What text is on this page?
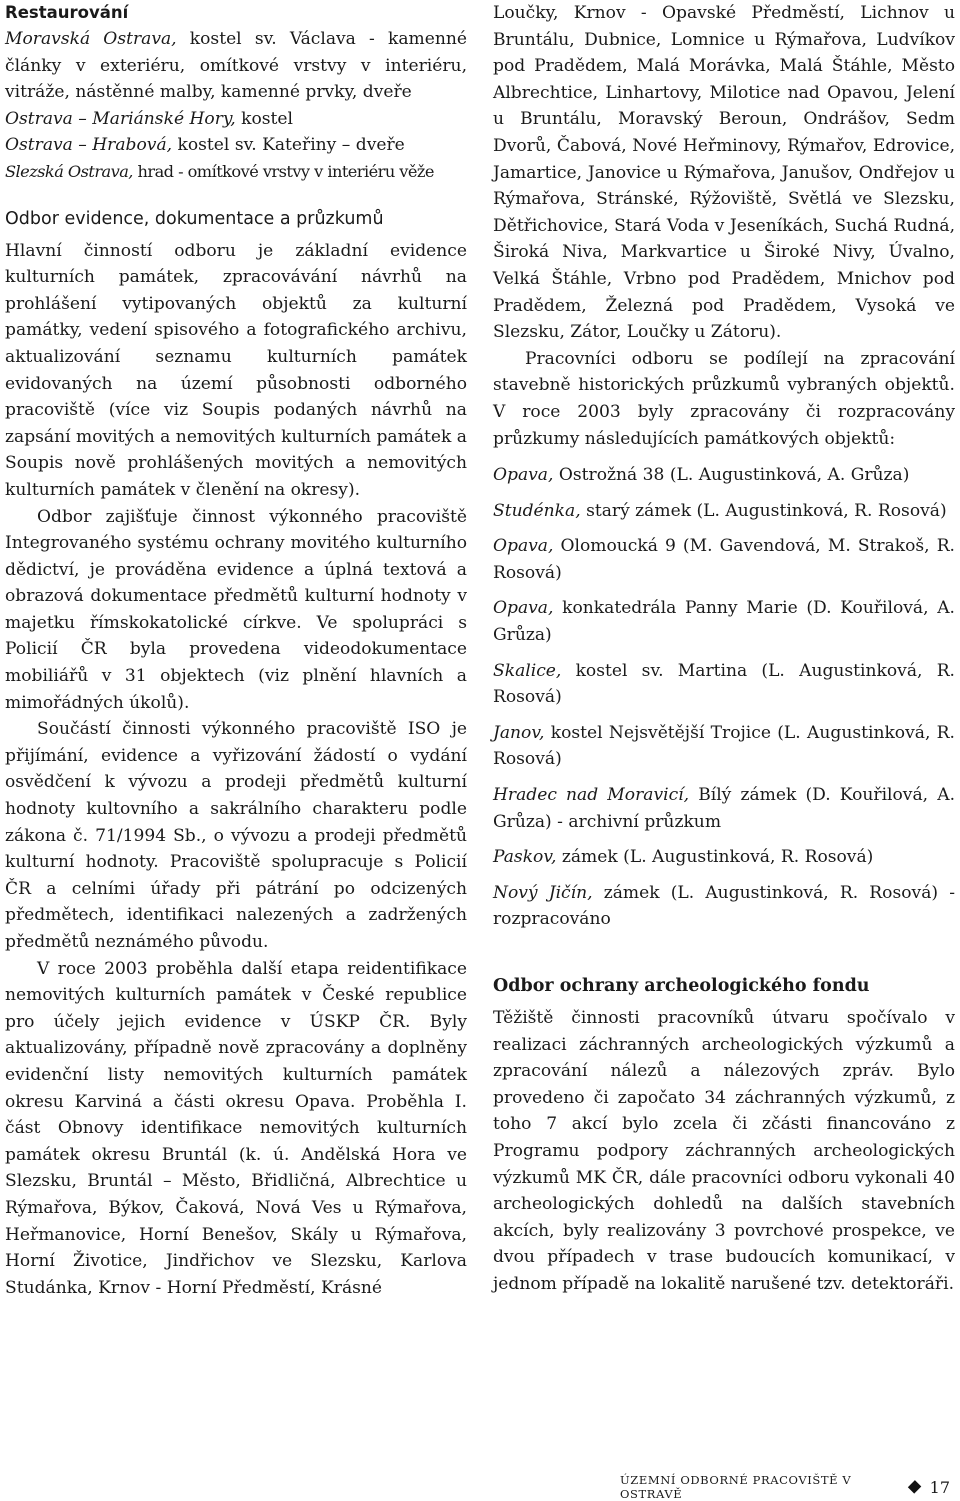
Restaurování

Moravská Ostrava, kostel sv. Václava - kamenné články v exteriéru, omítkové vrstvy v interiéru, vitráže, nástěnné malby, kamenné prvky, dveře

Ostrava – Mariánské Hory, kostel

Ostrava – Hrabová, kostel sv. Kateřiny – dveře

Slezská Ostrava, hrad - omítkové vrstvy v interiéru věže

Odbor evidence, dokumentace a průzkumů

Hlavní činností odboru je základní evidence kulturních památek, zpracovávání návrhů na prohlášení vytipovaných objektů za kulturní památky, vedení spisového a fotografického archivu, aktualizování seznamu kulturních památek evidovaných na území působnosti odborného pracoviště (více viz Soupis podaných návrhů na zapsání movitých a nemovitých kulturních památek a Soupis nově prohlášených movitých a nemovitých kulturních památek v členění na okresy).

Odbor zajišťuje činnost výkonného pracoviště Integrovaného systému ochrany movitého kulturního dědictví, je prováděna evidence a úplná textová a obrazová dokumentace předmětů kulturní hodnoty v majetku římskokatolické církve. Ve spolupráci s Policií ČR byla provedena videodokumentace mobiliářů v 31 objektech (viz plnění hlavních a mimořádných úkolů).

Součástí činnosti výkonného pracoviště ISO je přijímání, evidence a vyřizování žádostí o vydání osvědčení k vývozu a prodeji předmětů kulturní hodnoty kultovního a sakrálního charakteru podle zákona č. 71/1994 Sb., o vývozu a prodeji předmětů kulturní hodnoty. Pracoviště spolupracuje s Policií ČR a celními úřady při pátrání po odcizených předmětech, identifikaci nalezených a zadržených předmětů neznámého původu.

V roce 2003 proběhla další etapa reidentifikace nemovitých kulturních památek v České republice pro účely jejich evidence v ÚSKP ČR. Byly aktualizovány, případně nově zpracovány a doplněny evidenční listy nemovitých kulturních památek okresu Karviná a části okresu Opava. Proběhla I. část Obnovy identifikace nemovitých kulturních památek okresu Bruntál (k. ú. Andělská Hora ve Slezsku, Bruntál – Město, Břidličná, Albrechtice u Rýmařova, Býkov, Čaková, Nová Ves u Rýmařova, Heřmanovice, Horní Benešov, Skály u Rýmařova, Horní Životice, Jindřichov ve Slezsku, Karlova Studánka, Krnov - Horní Předměstí, Krásné

Loučky, Krnov - Opavské Předměstí, Lichnov u Bruntálu, Dubnice, Lomnice u Rýmařova, Ludvíkov pod Pradědem, Malá Morávka, Malá Štáhle, Město Albrechtice, Linhartovy, Milotice nad Opavou, Jelení u Bruntálu, Moravský Beroun, Ondrášov, Sedm Dvorů, Čabová, Nové Heřminovy, Rýmařov, Edrovice, Jamartice, Janovice u Rýmařova, Janušov, Ondřejov u Rýmařova, Stránské, Rýžoviště, Světlá ve Slezsku, Dětřichovice, Stará Voda v Jeseníkách, Suchá Rudná, Široká Niva, Markvartice u Široké Nivy, Úvalno, Velká Štáhle, Vrbno pod Pradědem, Mnichov pod Pradědem, Železná pod Pradědem, Vysoká ve Slezsku, Zátor, Loučky u Zátoru).

Pracovníci odboru se podílejí na zpracování stavebně historických průzkumů vybraných objektů. V roce 2003 byly zpracovány či rozpracovány průzkumy následujících památkových objektů:

Opava, Ostrožná 38 (L. Augustinková, A. Grůza)

Studénka, starý zámek (L. Augustinková, R. Rosová)

Opava, Olomoucká 9 (M. Gavendová, M. Strakoš, R. Rosová)

Opava, konkatedrála Panny Marie (D. Kouřilová, A. Grůza)

Skalice, kostel sv. Martina (L. Augustinková, R. Rosová)

Janov, kostel Nejsvětější Trojice (L. Augustinková, R. Rosová)

Hradec nad Moravicí, Bílý zámek (D. Kouřilová, A. Grůza) - archivní průzkum

Paskov, zámek (L. Augustinková, R. Rosová)

Nový Jičín, zámek (L. Augustinková, R. Rosová) - rozpracováno

Odbor ochrany archeologického fondu

Těžiště činnosti pracovníků útvaru spočívalo v realizaci záchranných archeologických výzkumů a zpracování nálezů a nálezových zpráv. Bylo provedeno či započato 34 záchranných výzkumů, z toho 7 akcí bylo zcela či zčásti financováno z Programu podpory záchranných archeologických výzkumů MK ČR, dále pracovníci odboru vykonali 40 archeologických dohledů na dalších stavebních akcích, byly realizovány 3 povrchové prospekce, ve dvou případech v trase budoucích komunikací, v jednom případě na lokalitě narušené tzv. detektoráři.

ÚZEMNÍ ODBORNÉ PRACOVIŠTĚ V OSTRAVĚ	17
